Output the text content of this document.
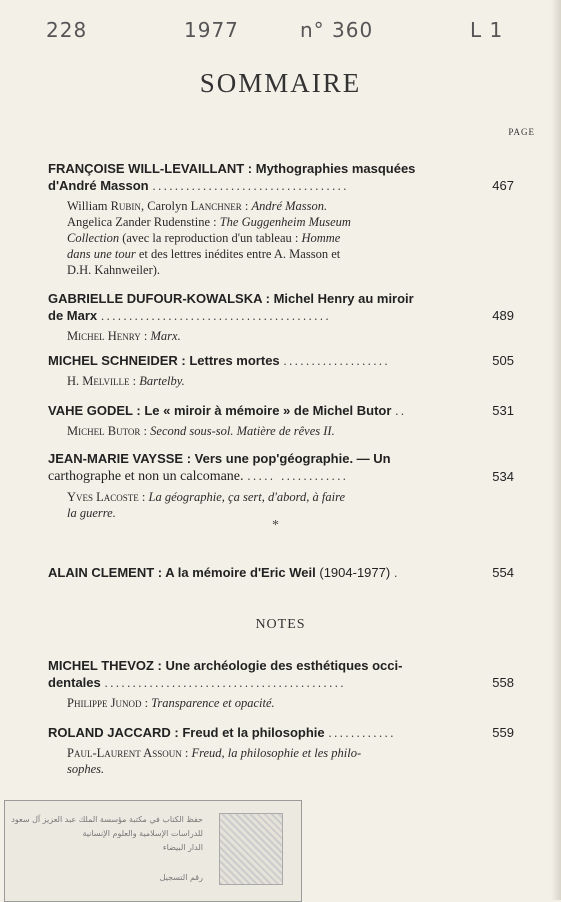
228	1977	n° 360	L 1
SOMMAIRE
PAGE
FRANÇOISE WILL-LEVAILLANT : Mythographies masquées
d'André Masson ...................................	467
William Rubin, Carolyn Lanchner : André Masson.
Angelica Zander Rudenstine : The Guggenheim Museum
Collection (avec la reproduction d'un tableau : Homme
dans une tour et des lettres inédites entre A. Masson et
D.H. Kahnweiler).
GABRIELLE DUFOUR-KOWALSKA : Michel Henry au miroir
de Marx .........................................	489
Michel Henry : Marx.
MICHEL SCHNEIDER : Lettres mortes ...................	505
H. Melville : Bartelby.
VAHE GODEL : Le « miroir à mémoire » de Michel Butor ..	531
Michel Butor : Second sous-sol. Matière de rêves II.
JEAN-MARIE VAYSSE : Vers une pop'géographie. — Un
carthographe et non un calcomane. ..... ............	534
Yves Lacoste : La géographie, ça sert, d'abord, à faire
la guerre.
*
ALAIN CLEMENT : A la mémoire d'Eric Weil (1904-1977) .	554
NOTES
MICHEL THEVOZ : Une archéologie des esthétiques occi-
dentales ...........................................	558
Philippe Junod : Transparence et opacité.
ROLAND JACCARD : Freud et la philosophie ............	559
Paul-Laurent Assoun : Freud, la philosophie et les philo-
sophes.
حفظ الكتاب في مكتبة مؤسسة الملك عبد العزيز آل سعود
للدراسات الإسلامية والعلوم الإنسانية
الدار البيضاء
رقم التسجيل
